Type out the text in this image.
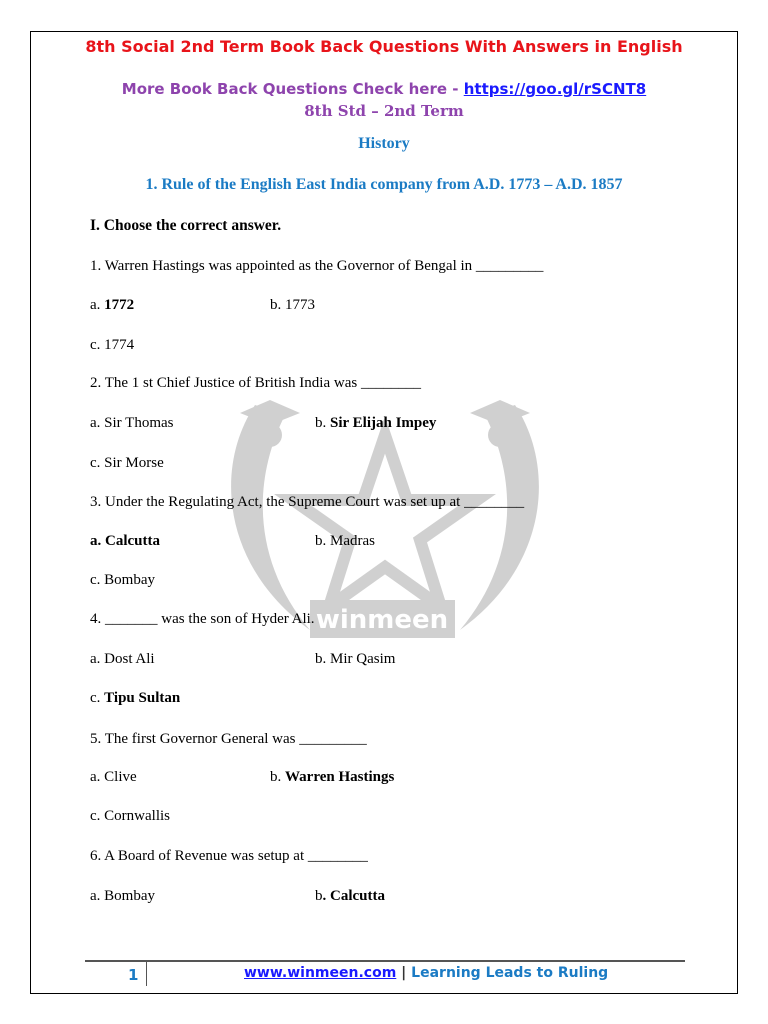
winmeen
8th Social 2nd Term Book Back Questions With Answers in English
More Book Back Questions Check here - https://goo.gl/rSCNT8
8th Std – 2nd Term
History
1. Rule of the English East India company from A.D. 1773 – A.D. 1857
I. Choose the correct answer.
1. Warren Hastings was appointed as the Governor of Bengal in _________
a. 1772	b. 1773
c. 1774
2. The 1 st Chief Justice of British India was ________
a. Sir Thomas	b. Sir Elijah Impey
c. Sir Morse
3. Under the Regulating Act, the Supreme Court was set up at ________
a. Calcutta	b. Madras
c. Bombay
4. _______ was the son of Hyder Ali.
a. Dost Ali	b. Mir Qasim
c. Tipu Sultan
5. The first Governor General was _________
a. Clive	b. Warren Hastings
c. Cornwallis
6. A Board of Revenue was setup at ________
a. Bombay	b. Calcutta
1	www.winmeen.com | Learning Leads to Ruling
